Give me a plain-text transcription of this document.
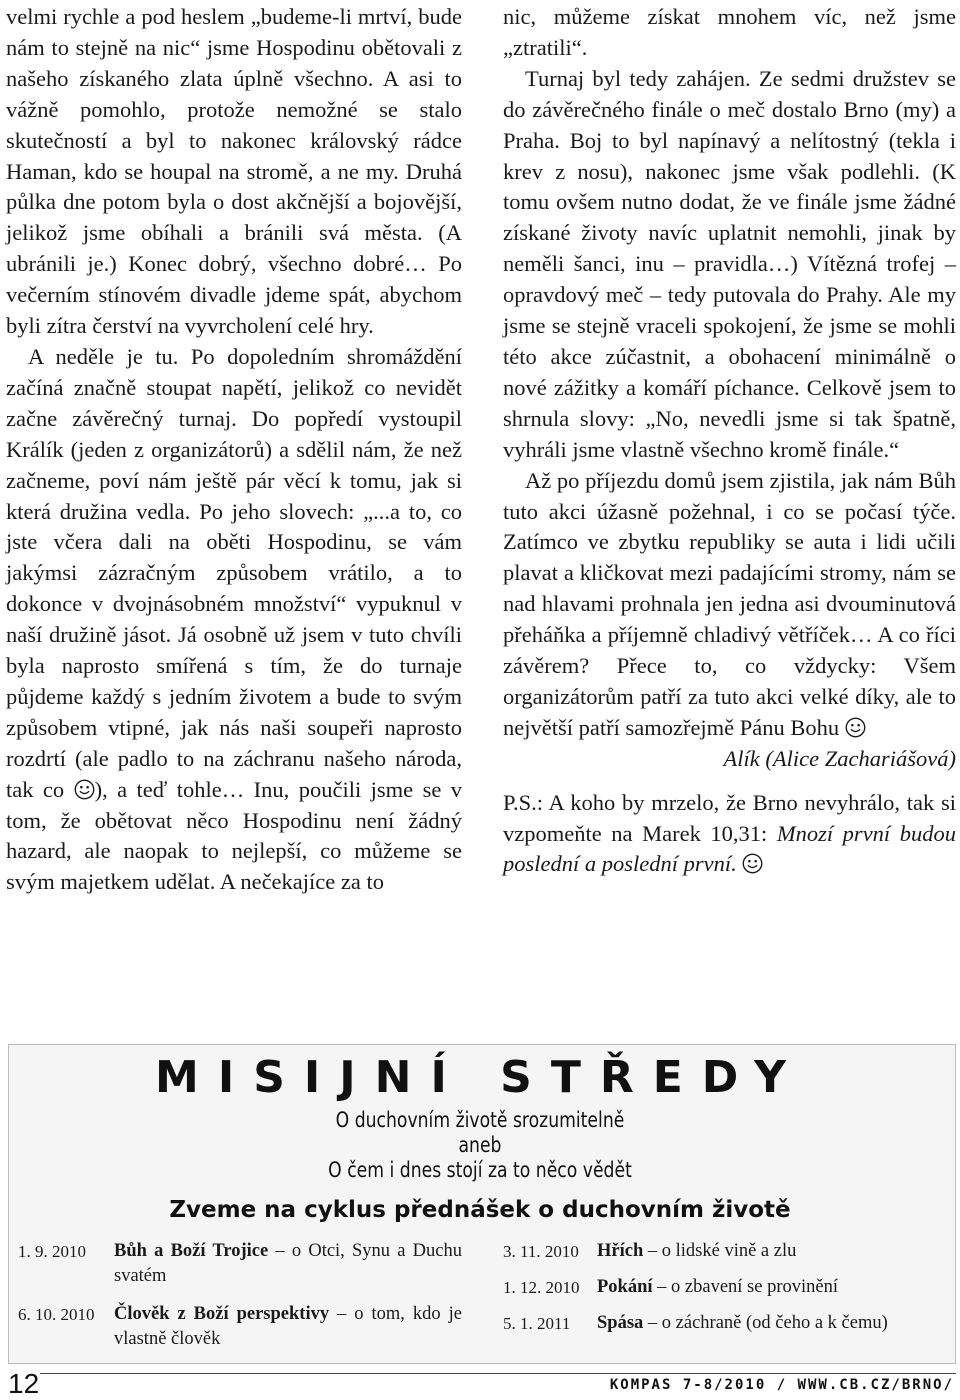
velmi rychle a pod heslem „budeme-li mrtví, bude nám to stejně na nic“ jsme Hospodinu obětovali z našeho získaného zlata úplně všechno. A asi to vážně pomohlo, protože nemožné se stalo skutečností a byl to nakonec královský rádce Haman, kdo se houpal na stromě, a ne my. Druhá půlka dne potom byla o dost akčnější a bojovější, jelikož jsme obíhali a bránili svá města. (A ubránili je.) Konec dobrý, všechno dobré… Po večerním stínovém divadle jdeme spát, abychom byli zítra čerství na vyvrcholení celé hry.

A neděle je tu. Po dopoledním shromáždění začíná značně stoupat napětí, jelikož co nevidět začne závěrečný turnaj. Do popředí vystoupil Králík (jeden z organizátorů) a sdělil nám, že než začneme, poví nám ještě pár věcí k tomu, jak si která družina vedla. Po jeho slovech: „...a to, co jste včera dali na oběti Hospodinu, se vám jakýmsi zázračným způsobem vrátilo, a to dokonce v dvojnásobném množství“ vypuknul v naší družině jásot. Já osobně už jsem v tuto chvíli byla naprosto smířená s tím, že do turnaje půjdeme každý s jedním životem a bude to svým způsobem vtipné, jak nás naši soupeři naprosto rozdrtí (ale padlo to na záchranu našeho národa, tak co ), a teď tohle… Inu, poučili jsme se v tom, že obětovat něco Hospodinu není žádný hazard, ale naopak to nejlepší, co můžeme se svým majetkem udělat. A nečekajíce za to

nic, můžeme získat mnohem víc, než jsme „ztratili“.

Turnaj byl tedy zahájen. Ze sedmi družstev se do závěrečného finále o meč dostalo Brno (my) a Praha. Boj to byl napínavý a nelítostný (tekla i krev z nosu), nakonec jsme však podlehli. (K tomu ovšem nutno dodat, že ve finále jsme žádné získané životy navíc uplatnit nemohli, jinak by neměli šanci, inu – pravidla…) Vítězná trofej – opravdový meč – tedy putovala do Prahy. Ale my jsme se stejně vraceli spokojení, že jsme se mohli této akce zúčastnit, a obohacení minimálně o nové zážitky a komáří píchance. Celkově jsem to shrnula slovy: „No, nevedli jsme si tak špatně, vyhráli jsme vlastně všechno kromě finále.“

Až po příjezdu domů jsem zjistila, jak nám Bůh tuto akci úžasně požehnal, i co se počasí týče. Zatímco ve zbytku republiky se auta i lidi učili plavat a kličkovat mezi padajícími stromy, nám se nad hlavami prohnala jen jedna asi dvouminutová přeháňka a příjemně chladivý větříček… A co říci závěrem? Přece to, co vždycky: Všem organizátorům patří za tuto akci velké díky, ale to největší patří samozřejmě Pánu Bohu

Alík (Alice Zachariášová)

P.S.: A koho by mrzelo, že Brno nevyhrálo, tak si vzpomeňte na Marek 10,31: Mnozí první budou poslední a poslední první.

MISIJNÍ STŘEDY
O duchovním životě srozumitelně
aneb
O čem i dnes stojí za to něco vědět
Zveme na cyklus přednášek o duchovním životě
1. 9. 2010 Bůh a Boží Trojice – o Otci, Synu a Duchu svatém
6. 10. 2010 Člověk z Boží perspektivy – o tom, kdo je vlastně člověk
3. 11. 2010 Hřích – o lidské vině a zlu
1. 12. 2010 Pokání – o zbavení se provinění
5. 1. 2011 Spása – o záchraně (od čeho a k čemu)
12	KOMPAS 7-8/2010 / WWW.CB.CZ/BRNO/
